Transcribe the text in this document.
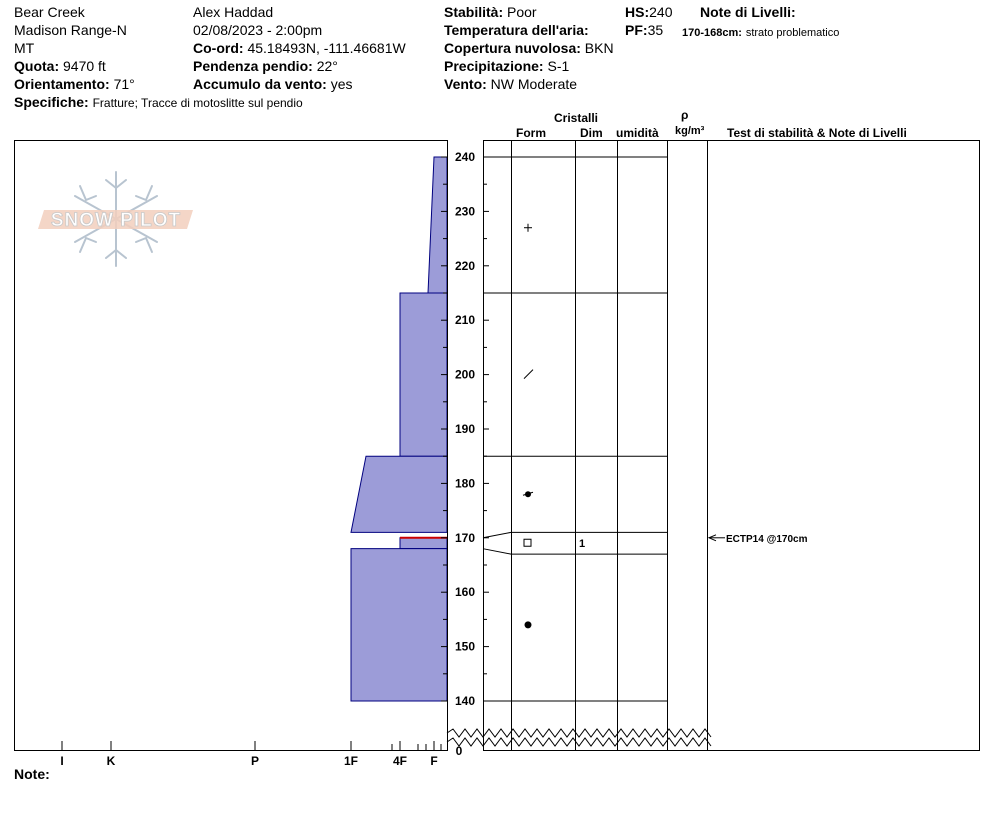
Bear Creek
Madison Range-N
MT
Quota: 9470 ft
Orientamento: 71°
Specifiche: Fratture; Tracce di motoslitte sul pendio
Alex Haddad
02/08/2023 - 2:00pm
Co-ord: 45.18493N, -111.46681W
Pendenza pendio: 22°
Accumulo da vento: yes
Stabilità: Poor
Temperatura dell'aria:
Copertura nuvolosa: BKN
Precipitazione: S-1
Vento: NW Moderate
HS:240
PF:35
Note di Livelli:
170-168cm: strato problematico
Cristalli
Form	Dim umidità
ρ
kg/m³ Test di stabilità & Note di Livelli
Note:
SNOW PILOT
I	K	P	1F	4F F
240
230
220
210
200
190
180
170
160
150
140
0
1	ECTP14 @170cm
